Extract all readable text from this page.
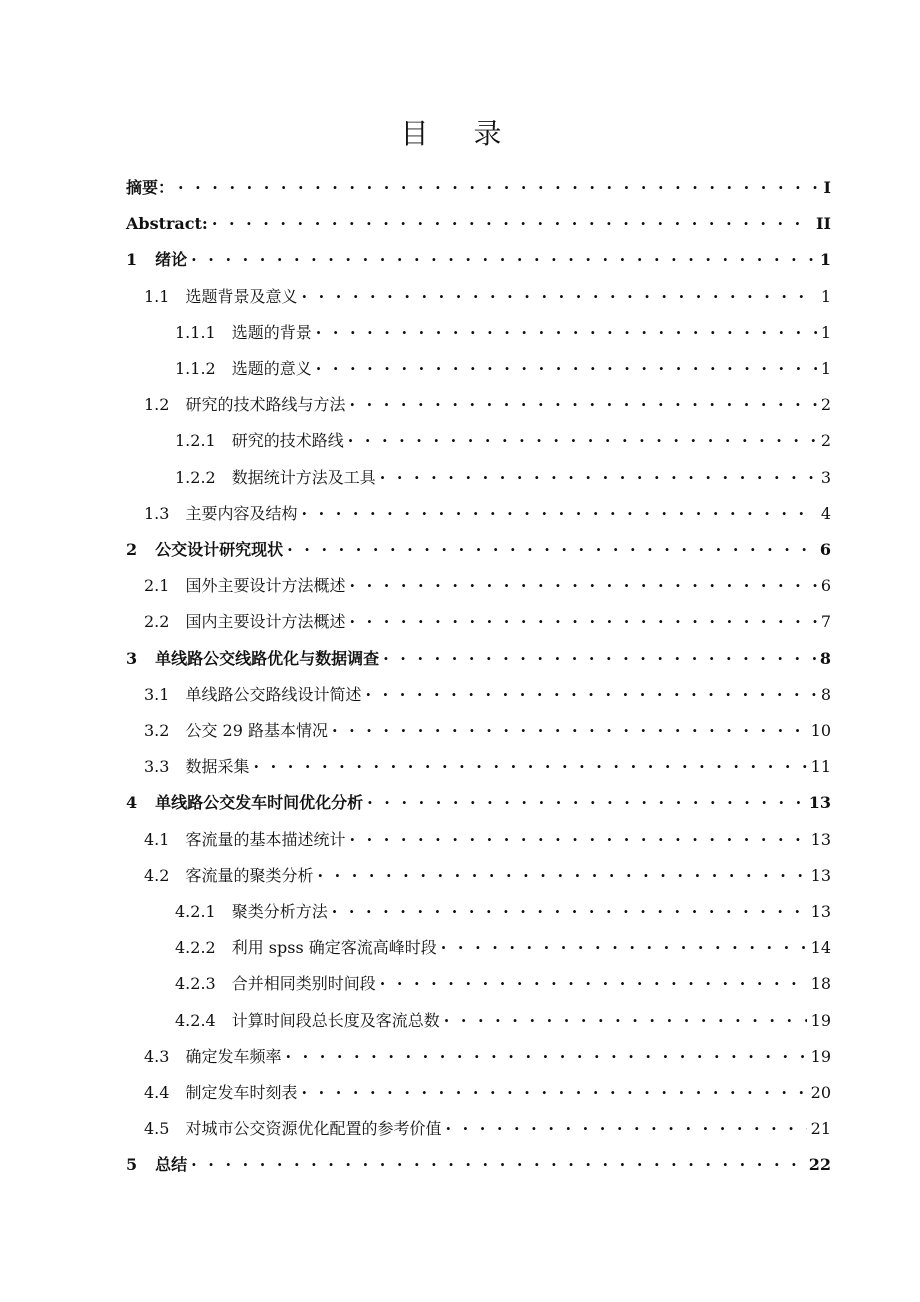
目 录
摘要： · · ·	I
Abstract: · · ·	II
1 绪论 · · ·	1
1.1 选题背景及意义 · · ·	1
1.1.1 选题的背景 · · ·	1
1.1.2 选题的意义 · · ·	1
1.2 研究的技术路线与方法 · · ·	2
1.2.1 研究的技术路线 · · ·	2
1.2.2 数据统计方法及工具 · · ·	3
1.3 主要内容及结构 · · ·	4
2 公交设计研究现状 · · ·	6
2.1 国外主要设计方法概述 · · ·	6
2.2 国内主要设计方法概述 · · ·	7
3 单线路公交线路优化与数据调查 · · ·	8
3.1 单线路公交路线设计简述 · · ·	8
3.2 公交 29 路基本情况 · · ·	10
3.3 数据采集 · · ·	11
4 单线路公交发车时间优化分析 · · ·	13
4.1 客流量的基本描述统计 · · ·	13
4.2 客流量的聚类分析 · · ·	13
4.2.1 聚类分析方法 · · ·	13
4.2.2 利用 spss 确定客流高峰时段 · · ·	14
4.2.3 合并相同类别时间段 · · ·	18
4.2.4 计算时间段总长度及客流总数 · · ·	19
4.3 确定发车频率 · · ·	19
4.4 制定发车时刻表 · · ·	20
4.5 对城市公交资源优化配置的参考价值 · · ·	21
5 总结 · · ·	22
